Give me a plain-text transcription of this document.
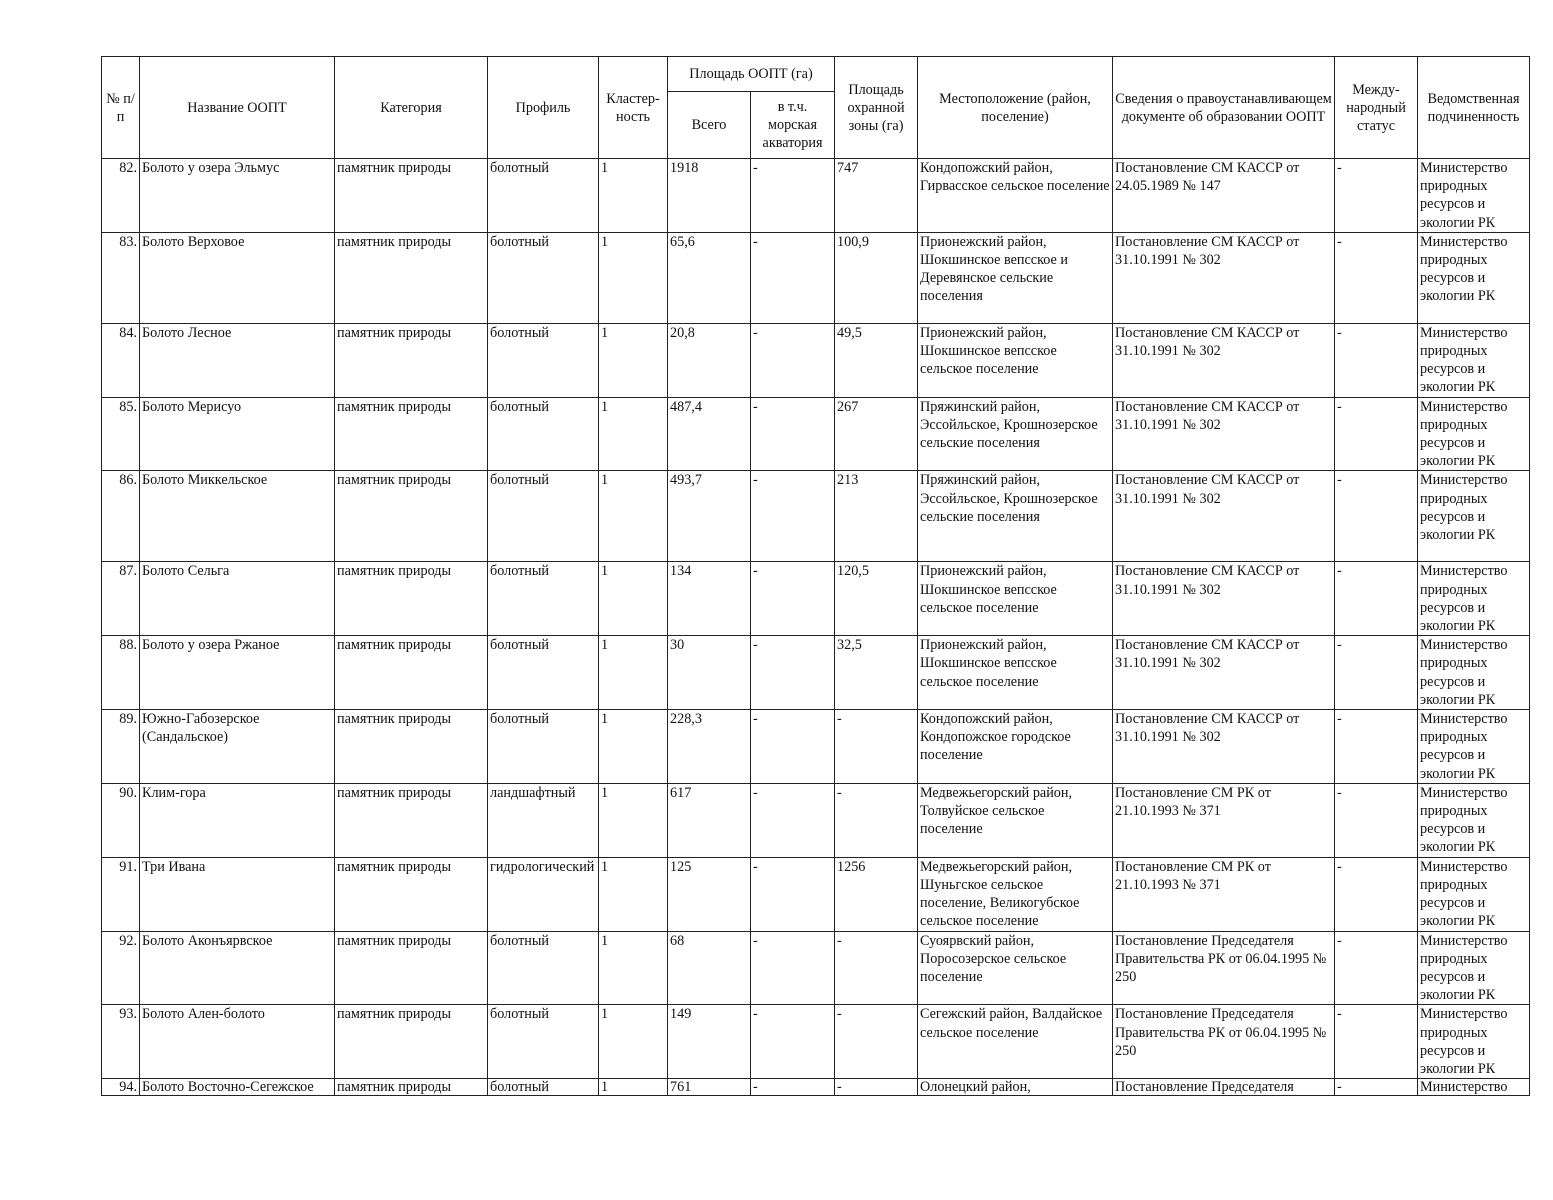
№ п/п	Название ООПТ	Категория	Профиль	Кластер-ность	Площадь ООПТ (га)		Площадь охранной зоны (га)	Местоположение (район, поселение)	Сведения о правоустанавливающем документе об образовании ООПТ	Между-народный статус	Ведомственная подчиненность
					Всего	в т.ч. морская акватория					
82.	Болото у озера Эльмус	памятник природы	болотный	1	1918	-	747	Кондопожский район, Гирвасское сельское поселение	Постановление СМ КАССР от 24.05.1989 № 147	-	Министерство природных ресурсов и экологии РК
83.	Болото Верховое	памятник природы	болотный	1	65,6	-	100,9	Прионежский район, Шокшинское вепсское и Деревянское сельские поселения	Постановление СМ КАССР от 31.10.1991 № 302	-	Министерство природных ресурсов и экологии РК
84.	Болото Лесное	памятник природы	болотный	1	20,8	-	49,5	Прионежский район, Шокшинское вепсское сельское поселение	Постановление СМ КАССР от 31.10.1991 № 302	-	Министерство природных ресурсов и экологии РК
85.	Болото Мерисуо	памятник природы	болотный	1	487,4	-	267	Пряжинский район, Эссойльское, Крошнозерское сельские поселения	Постановление СМ КАССР от 31.10.1991 № 302	-	Министерство природных ресурсов и экологии РК
86.	Болото Миккельское	памятник природы	болотный	1	493,7	-	213	Пряжинский район, Эссойльское, Крошнозерское сельские поселения	Постановление СМ КАССР от 31.10.1991 № 302	-	Министерство природных ресурсов и экологии РК
87.	Болото Сельга	памятник природы	болотный	1	134	-	120,5	Прионежский район, Шокшинское вепсское сельское поселение	Постановление СМ КАССР от 31.10.1991 № 302	-	Министерство природных ресурсов и экологии РК
88.	Болото у озера Ржаное	памятник природы	болотный	1	30	-	32,5	Прионежский район, Шокшинское вепсское сельское поселение	Постановление СМ КАССР от 31.10.1991 № 302	-	Министерство природных ресурсов и экологии РК
89.	Южно-Габозерское (Сандальское)	памятник природы	болотный	1	228,3	-	-	Кондопожский район, Кондопожское городское поселение	Постановление СМ КАССР от 31.10.1991 № 302	-	Министерство природных ресурсов и экологии РК
90.	Клим-гора	памятник природы	ландшафтный	1	617	-	-	Медвежьегорский район, Толвуйское сельское поселение	Постановление СМ РК от 21.10.1993 № 371	-	Министерство природных ресурсов и экологии РК
91.	Три Ивана	памятник природы	гидрологический	1	125	-	1256	Медвежьегорский район, Шуньгское сельское поселение, Великогубское сельское поселение	Постановление СМ РК от 21.10.1993 № 371	-	Министерство природных ресурсов и экологии РК
92.	Болото Аконъярвское	памятник природы	болотный	1	68	-	-	Суоярвский район, Поросозерское сельское поселение	Постановление Председателя Правительства РК от 06.04.1995 № 250	-	Министерство природных ресурсов и экологии РК
93.	Болото Ален-болото	памятник природы	болотный	1	149	-	-	Сегежский район, Валдайское сельское поселение	Постановление Председателя Правительства РК от 06.04.1995 № 250	-	Министерство природных ресурсов и экологии РК
94.	Болото Восточно-Сегежское	памятник природы	болотный	1	761	-	-	Олонецкий район,	Постановление Председателя	-	Министерство
